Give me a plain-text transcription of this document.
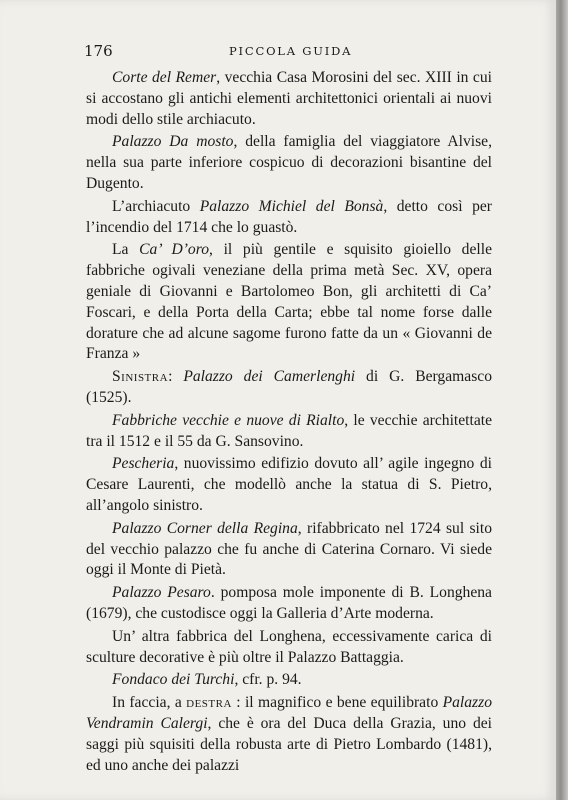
176	PICCOLA GUIDA

Corte del Remer, vecchia Casa Morosini del sec. XIII in cui si accostano gli antichi elementi architettonici orientali ai nuovi modi dello stile archiacuto.

Palazzo Da mosto, della famiglia del viaggiatore Alvise, nella sua parte inferiore cospicuo di decorazioni bisantine del Dugento.

L’archiacuto Palazzo Michiel del Bonsà, detto così per l’incendio del 1714 che lo guastò.

La Ca’ D’oro, il più gentile e squisito gioiello delle fabbriche ogivali veneziane della prima metà Sec. XV, opera geniale di Giovanni e Bartolomeo Bon, gli architetti di Ca’ Foscari, e della Porta della Carta; ebbe tal nome forse dalle dorature che ad alcune sagome furono fatte da un « Giovanni de Franza »

Sinistra: Palazzo dei Camerlenghi di G. Bergamasco (1525).

Fabbriche vecchie e nuove di Rialto, le vecchie architettate tra il 1512 e il 55 da G. Sansovino.

Pescheria, nuovissimo edifizio dovuto all’ agile ingegno di Cesare Laurenti, che modellò anche la statua di S. Pietro, all’angolo sinistro.

Palazzo Corner della Regina, rifabbricato nel 1724 sul sito del vecchio palazzo che fu anche di Caterina Cornaro. Vi siede oggi il Monte di Pietà.

Palazzo Pesaro. pomposa mole imponente di B. Longhena (1679), che custodisce oggi la Galleria d’Arte moderna.

Un’ altra fabbrica del Longhena, eccessivamente carica di sculture decorative è più oltre il Palazzo Battaggia.

Fondaco dei Turchi, cfr. p. 94.

In faccia, a destra : il magnifico e bene equilibrato Palazzo Vendramin Calergi, che è ora del Duca della Grazia, uno dei saggi più squisiti della robusta arte di Pietro Lombardo (1481), ed uno anche dei palazzi
